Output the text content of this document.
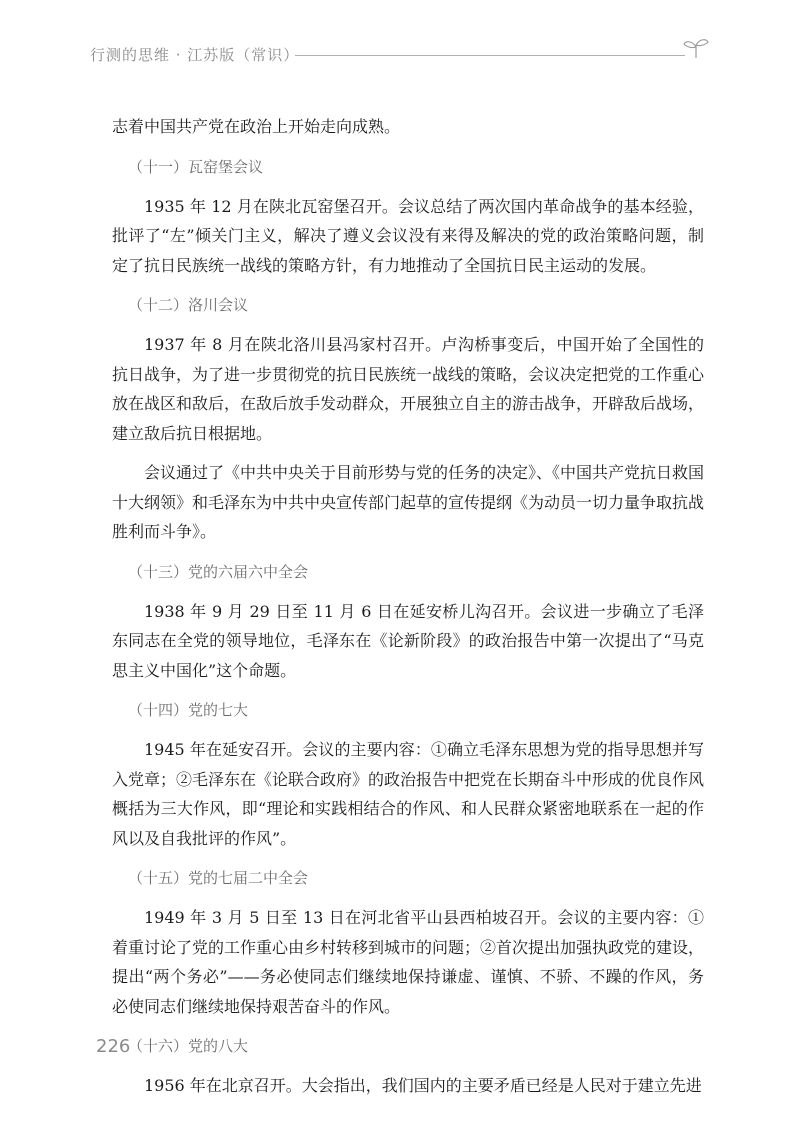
行测的思维 · 江苏版（常识）

志着中国共产党在政治上开始走向成熟。

（十一）瓦窑堡会议

1935 年 12 月在陕北瓦窑堡召开。会议总结了两次国内革命战争的基本经验，批评了“左”倾关门主义，解决了遵义会议没有来得及解决的党的政治策略问题，制定了抗日民族统一战线的策略方针，有力地推动了全国抗日民主运动的发展。

（十二）洛川会议

1937 年 8 月在陕北洛川县冯家村召开。卢沟桥事变后，中国开始了全国性的抗日战争，为了进一步贯彻党的抗日民族统一战线的策略，会议决定把党的工作重心放在战区和敌后，在敌后放手发动群众，开展独立自主的游击战争，开辟敌后战场，建立敌后抗日根据地。

会议通过了《中共中央关于目前形势与党的任务的决定》、《中国共产党抗日救国十大纲领》和毛泽东为中共中央宣传部门起草的宣传提纲《为动员一切力量争取抗战胜利而斗争》。

（十三）党的六届六中全会

1938 年 9 月 29 日至 11 月 6 日在延安桥儿沟召开。会议进一步确立了毛泽东同志在全党的领导地位，毛泽东在《论新阶段》的政治报告中第一次提出了“马克思主义中国化”这个命题。

（十四）党的七大

1945 年在延安召开。会议的主要内容：①确立毛泽东思想为党的指导思想并写入党章；②毛泽东在《论联合政府》的政治报告中把党在长期奋斗中形成的优良作风概括为三大作风，即“理论和实践相结合的作风、和人民群众紧密地联系在一起的作风以及自我批评的作风”。

（十五）党的七届二中全会

1949 年 3 月 5 日至 13 日在河北省平山县西柏坡召开。会议的主要内容：①着重讨论了党的工作重心由乡村转移到城市的问题；②首次提出加强执政党的建设，提出“两个务必”——务必使同志们继续地保持谦虚、谨慎、不骄、不躁的作风，务必使同志们继续地保持艰苦奋斗的作风。

（十六）党的八大

1956 年在北京召开。大会指出，我们国内的主要矛盾已经是人民对于建立先进

226
